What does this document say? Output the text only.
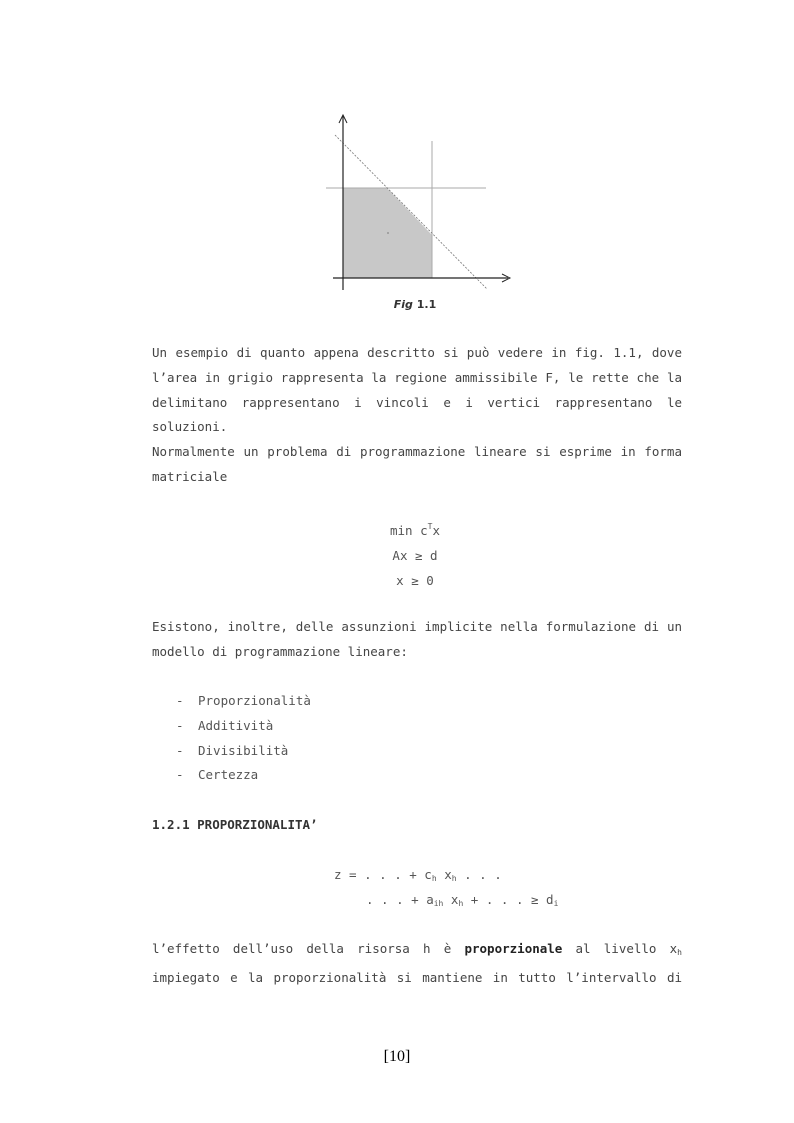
Fig 1.1
Un esempio di quanto appena descritto si può vedere in fig. 1.1, dove
l’area in grigio rappresenta la regione ammissibile F, le rette che la
delimitano rappresentano i vincoli e i vertici rappresentano le
soluzioni.
Normalmente un problema di programmazione lineare si esprime in forma
matriciale
$\min c^Tx$
Ax ≥ d
x ≥ 0
Esistono, inoltre, delle assunzioni implicite nella formulazione di un
modello di programmazione lineare:
- Proporzionalità
- Additività
- Divisibilità
- Certezza
1.2.1 PROPORZIONALITA’
z = . . . + $c_h$ $x_h$ . . .
. . . + $a_{ih}$ $x_h$ + . . . ≥ $d_i$
l’effetto dell’uso della risorsa h è proporzionale al livello $x_h$
impiegato e la proporzionalità si mantiene in tutto l’intervallo di
[10]
